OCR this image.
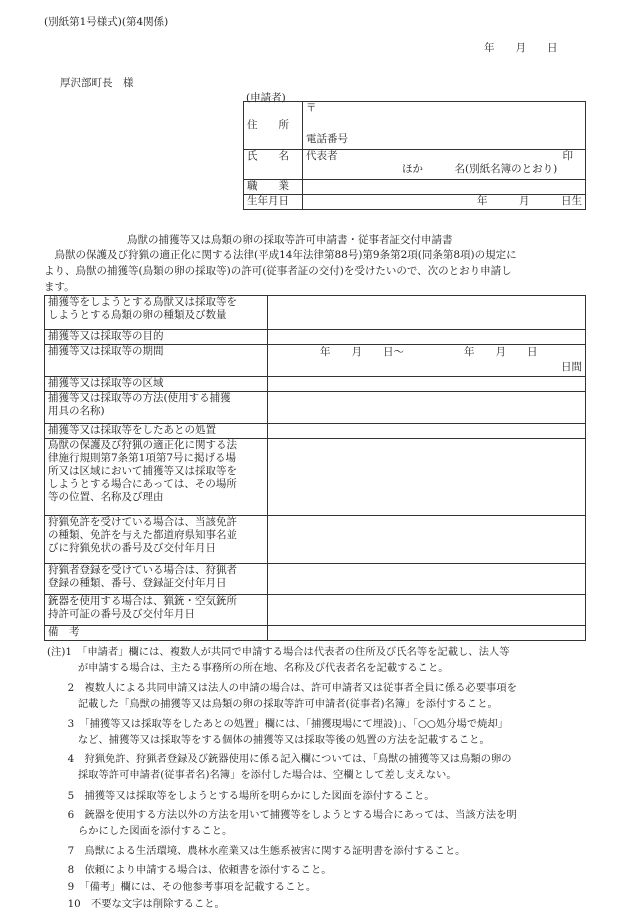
(別紙第1号様式)(第4関係)
年　　月　　日
厚沢部町長　様
(申請者)
住　　所	〒
電話番号

氏　　名	代表者 印
ほか　　　名(別紙名簿のとおり)

職　　業	
生年月日	年　　　月　　　日生
鳥獣の捕獲等又は鳥類の卵の採取等許可申請書・従事者証交付申請書
　鳥獣の保護及び狩猟の適正化に関する法律(平成14年法律第88号)第9条第2項(同条第8項)の規定に
より、鳥獣の捕獲等(鳥類の卵の採取等)の許可(従事者証の交付)を受けたいので、次のとおり申請し
ます。
捕獲等をしようとする鳥獣又は採取等を
しようとする鳥類の卵の種類及び数量	
捕獲等又は採取等の目的	
捕獲等又は採取等の期間	年　　月　　日～ 年　　月　　日
日間

捕獲等又は採取等の区域	
捕獲等又は採取等の方法(使用する捕獲
用具の名称)	
捕獲等又は採取等をしたあとの処置	
鳥獣の保護及び狩猟の適正化に関する法
律施行規則第7条第1項第7号に掲げる場
所又は区域において捕獲等又は採取等を
しようとする場合にあっては、その場所
等の位置、名称及び理由	
狩猟免許を受けている場合は、当該免許
の種類、免許を与えた都道府県知事名並
びに狩猟免状の番号及び交付年月日	
狩猟者登録を受けている場合は、狩猟者
登録の種類、番号、登録証交付年月日	
銃器を使用する場合は、猟銃・空気銃所
持許可証の番号及び交付年月日	
備　考	
(注)1　「申請者」欄には、複数人が共同で申請する場合は代表者の住所及び氏名等を記載し、法人等
　　　が申請する場合は、主たる事務所の所在地、名称及び代表者名を記載すること。
　　2　複数人による共同申請又は法人の申請の場合は、許可申請者又は従事者全員に係る必要事項を
　　　記載した「鳥獣の捕獲等又は鳥類の卵の採取等許可申請者(従事者)名簿」を添付すること。
　　3　「捕獲等又は採取等をしたあとの処置」欄には、「捕獲現場にて埋設)」、「○○処分場で焼却」
　　　など、捕獲等又は採取等をする個体の捕獲等又は採取等後の処置の方法を記載すること。
　　4　狩猟免許、狩猟者登録及び銃器使用に係る記入欄については、「鳥獣の捕獲等又は鳥類の卵の
　　　採取等許可申請者(従事者名)名簿」を添付した場合は、空欄として差し支えない。
　　5　捕獲等又は採取等をしようとする場所を明らかにした図面を添付すること。
　　6　銃器を使用する方法以外の方法を用いて捕獲等をしようとする場合にあっては、当該方法を明
　　　らかにした図面を添付すること。
　　7　鳥獣による生活環境、農林水産業又は生態系被害に関する証明書を添付すること。
　　8　依頼により申請する場合は、依頼書を添付すること。
　　9　「備考」欄には、その他参考事項を記載すること。
　　10　不要な文字は削除すること。
